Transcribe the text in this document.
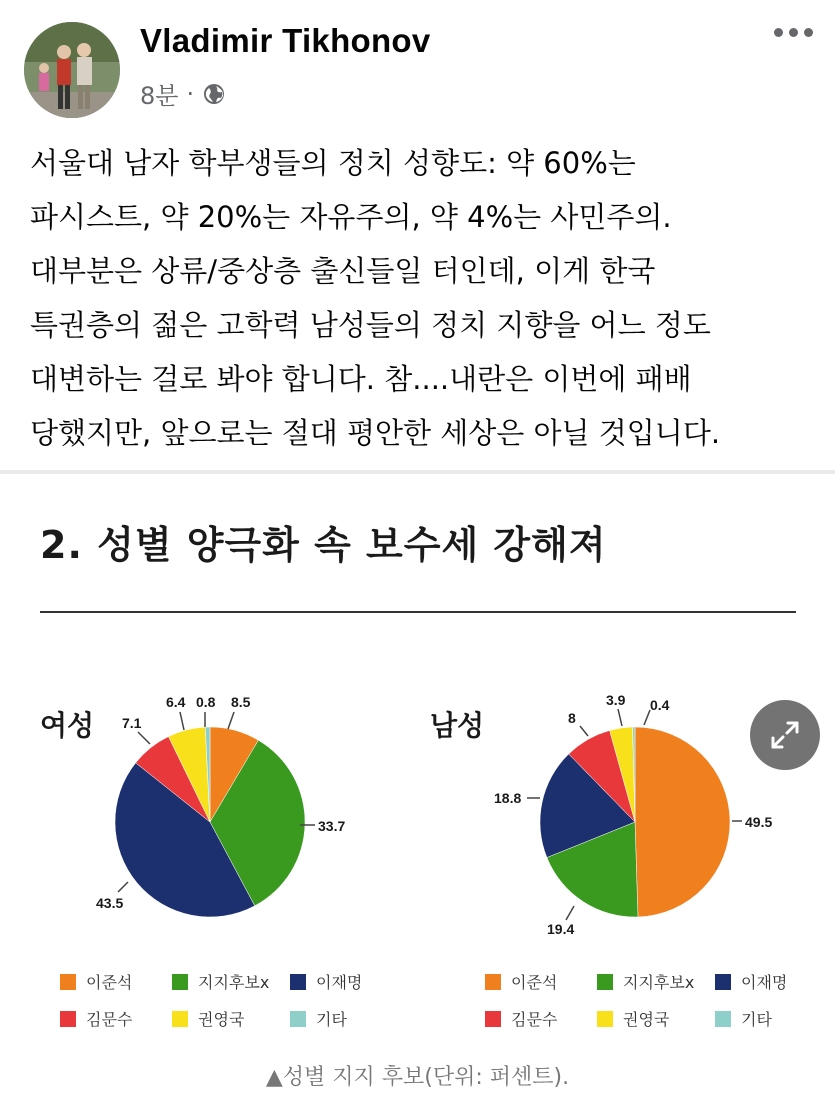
Vladimir Tikhonov
8분 ·
서울대 남자 학부생들의 정치 성향도: 약 60%는
파시스트, 약 20%는 자유주의, 약 4%는 사민주의.
대부분은 상류/중상층 출신들일 터인데, 이게 한국
특권층의 젊은 고학력 남성들의 정치 지향을 어느 정도
대변하는 걸로 봐야 합니다. 참....내란은 이번에 패배
당했지만, 앞으로는 절대 평안한 세상은 아닐 것입니다.
2. 성별 양극화 속 보수세 강해져
여성	남성
8.5
33.7
43.5
7.1
6.4 0.8
49.5
19.4
18.8
8
3.9 0.4
이준석	지지후보x	이재명
김문수	권영국	기타
이준석	지지후보x	이재명
김문수	권영국	기타
▲성별 지지 후보(단위: 퍼센트).
